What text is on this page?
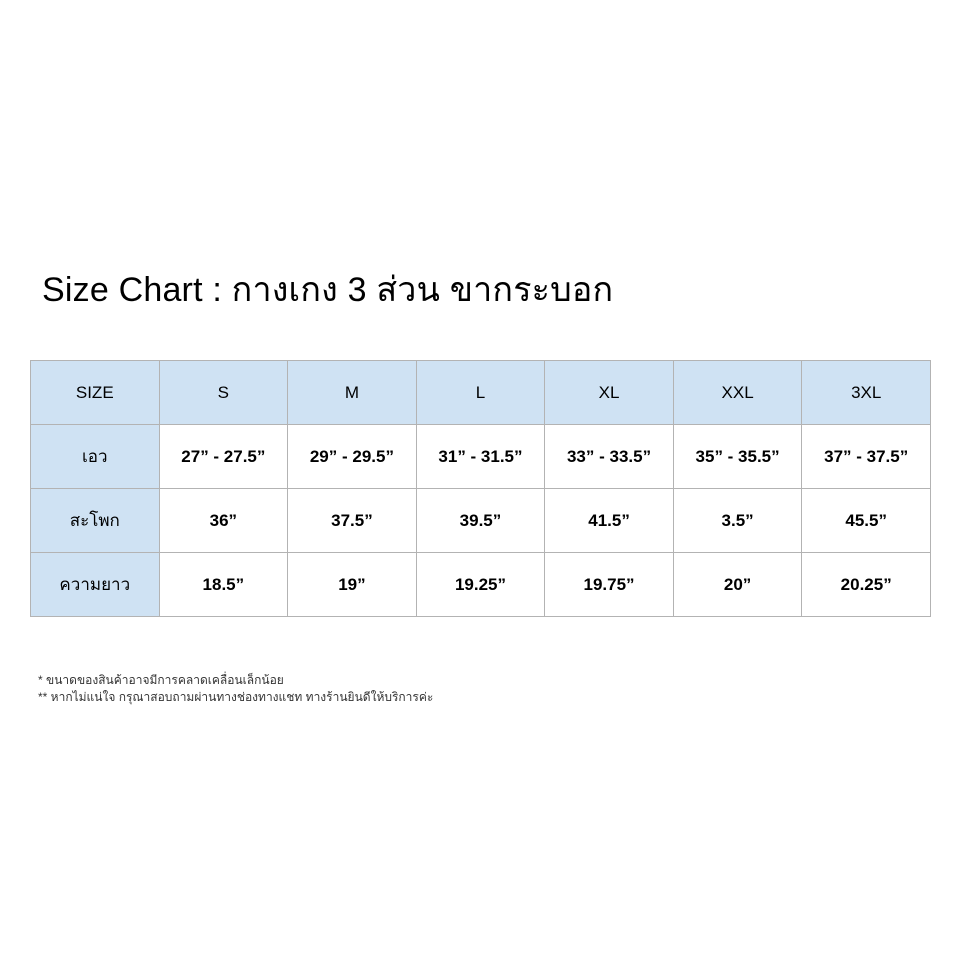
Size Chart : กางเกง 3 ส่วน ขากระบอก
SIZE	S	M	L	XL	XXL	3XL
เอว	27” - 27.5”	29” - 29.5”	31” - 31.5”	33” - 33.5”	35” - 35.5”	37” - 37.5”
สะโพก	36”	37.5”	39.5”	41.5”	3.5”	45.5”
ความยาว	18.5”	19”	19.25”	19.75”	20”	20.25”
* ขนาดของสินค้าอาจมีการคลาดเคลื่อนเล็กน้อย
** หากไม่แน่ใจ กรุณาสอบถามผ่านทางช่องทางแชท ทางร้านยินดีให้บริการค่ะ
